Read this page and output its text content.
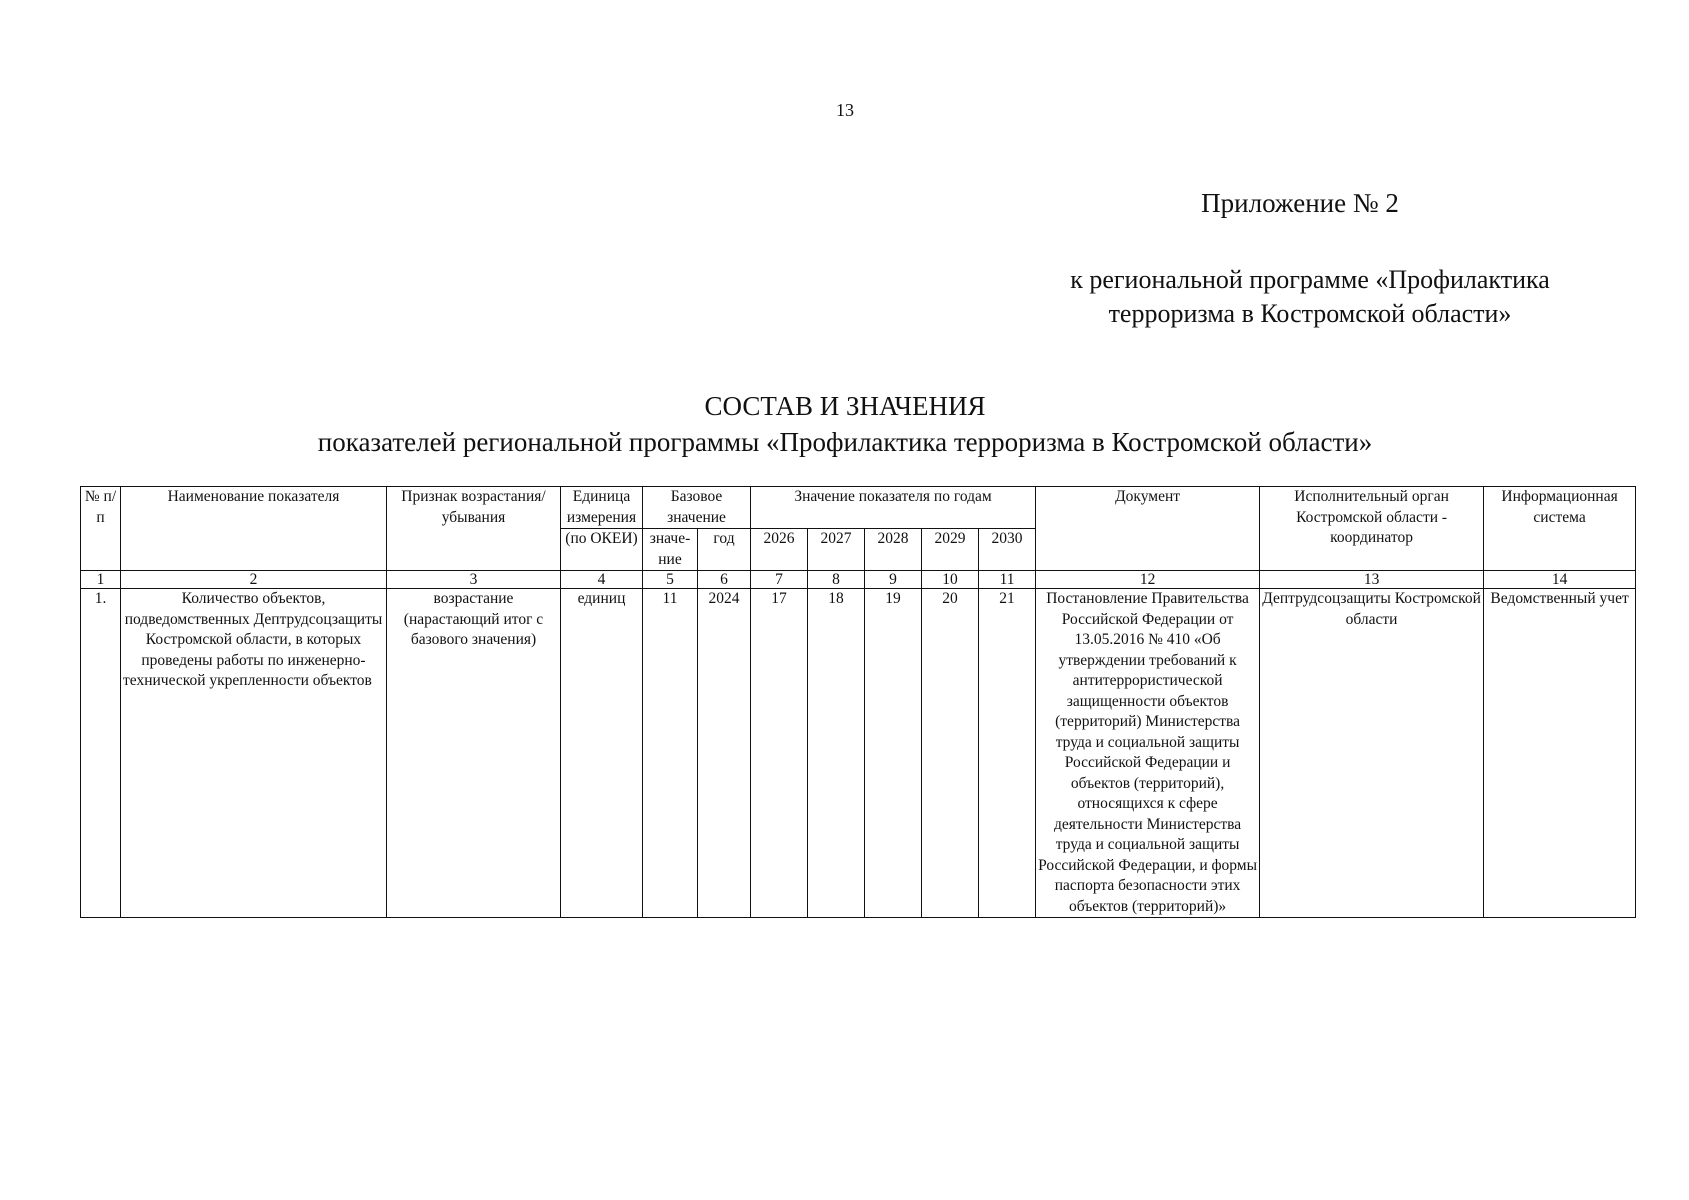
13
Приложение № 2
к региональной программе «Профилактика
терроризма в Костромской области»
СОСТАВ И ЗНАЧЕНИЯ
показателей региональной программы «Профилактика терроризма в Костромской области»
№ п/п	Наименование показателя	Признак возрастания/убывания	Единица измерения	Базовое значение		Значение показателя по годам					Документ	Исполнительный орган Костромской области - координатор	Информационная система
			(по ОКЕИ)	значе-ние	год	2026	2027	2028	2029	2030			
1	2	3	4	5	6	7	8	9	10	11	12	13	14
1.	Количество объектов, подведомственных Дептрудсоцзащиты Костромской области, в которых проведены работы по инженерно-технической укрепленности объектов	возрастание (нарастающий итог с базового значения)	единиц	11	2024	17	18	19	20	21	Постановление Правительства Российской Федерации от 13.05.2016 № 410 «Об утверждении требований к антитеррористической защищенности объектов (территорий) Министерства труда и социальной защиты Российской Федерации и объектов (территорий), относящихся к сфере деятельности Министерства труда и социальной защиты Российской Федерации, и формы паспорта безопасности этих объектов (территорий)»	Дептрудсоцзащиты Костромской области	Ведомственный учет
